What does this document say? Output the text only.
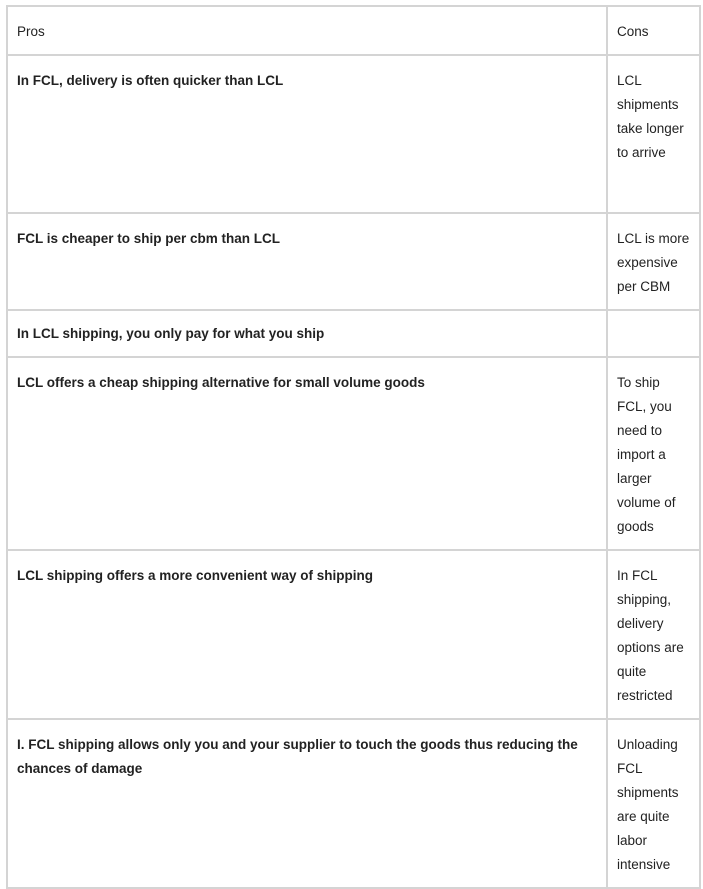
Pros	Cons
In FCL, delivery is often quicker than LCL	LCL shipments take longer to arrive
FCL is cheaper to ship per cbm than LCL	LCL is more expensive per CBM
In LCL shipping, you only pay for what you ship	
LCL offers a cheap shipping alternative for small volume goods	To ship FCL, you need to import a larger volume of goods
LCL shipping offers a more convenient way of shipping	In FCL shipping, delivery options are quite restricted
I. FCL shipping allows only you and your supplier to touch the goods thus reducing the chances of damage	Unloading FCL shipments are quite labor intensive
